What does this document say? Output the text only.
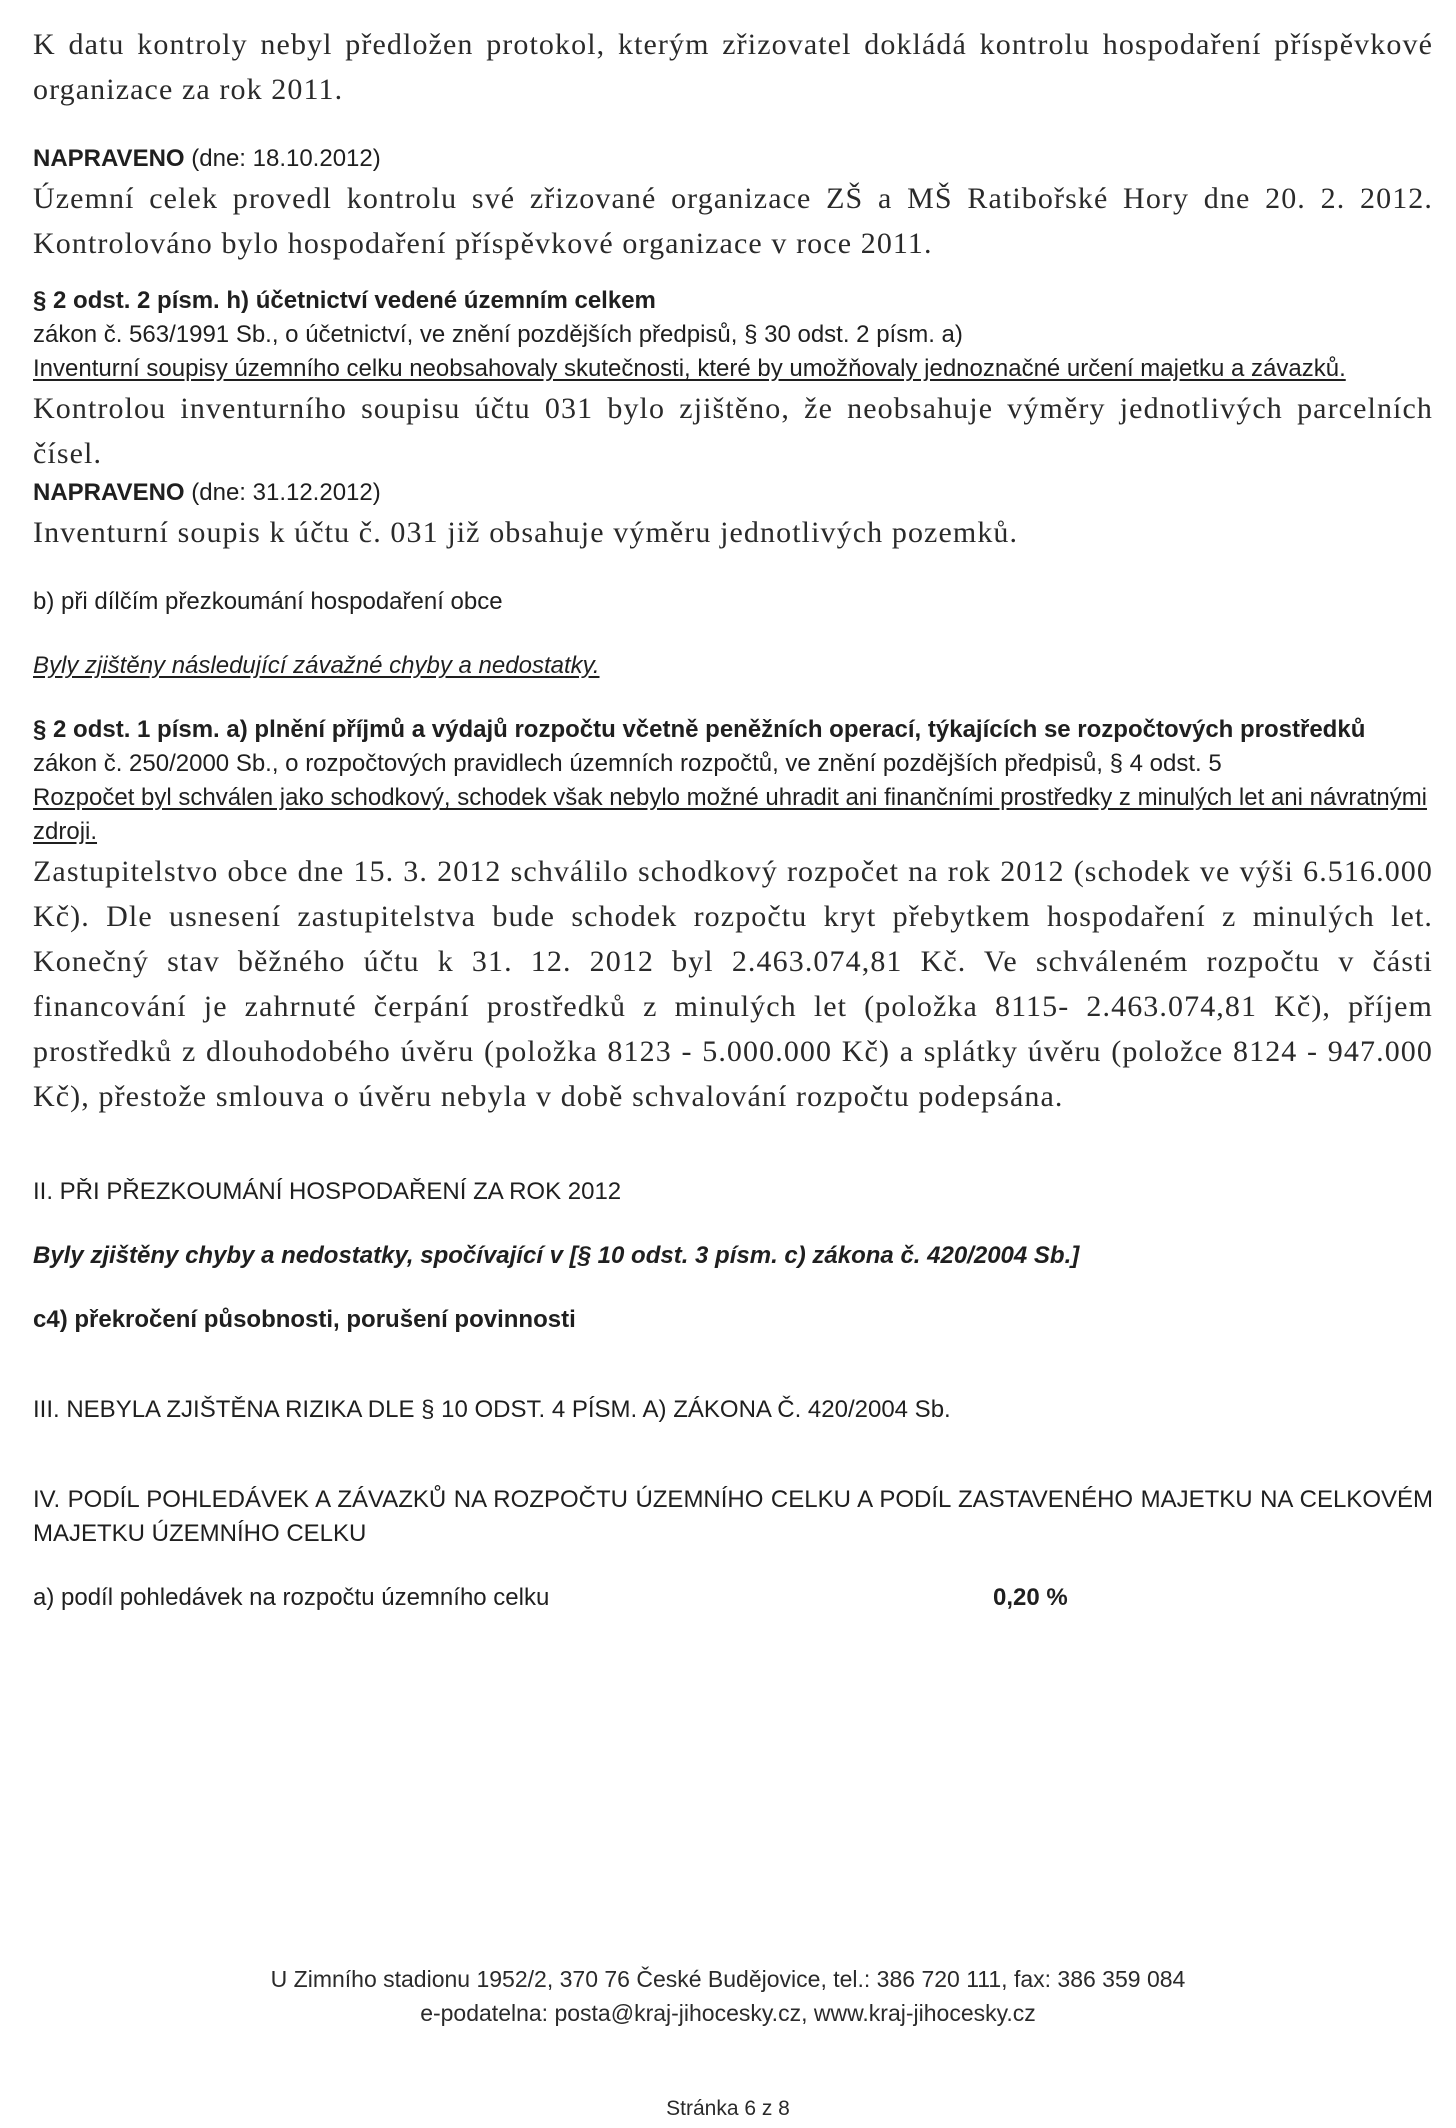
K datu kontroly nebyl předložen protokol, kterým zřizovatel dokládá kontrolu hospodaření příspěvkové organizace za rok 2011.

NAPRAVENO (dne: 18.10.2012)

Územní celek provedl kontrolu své zřizované organizace ZŠ a MŠ Ratibořské Hory dne 20. 2. 2012. Kontrolováno bylo hospodaření příspěvkové organizace v roce 2011.

§ 2 odst. 2 písm. h) účetnictví vedené územním celkem

zákon č. 563/1991 Sb., o účetnictví, ve znění pozdějších předpisů, § 30 odst. 2 písm. a)

Inventurní soupisy územního celku neobsahovaly skutečnosti, které by umožňovaly jednoznačné určení majetku a závazků.

Kontrolou inventurního soupisu účtu 031 bylo zjištěno, že neobsahuje výměry jednotlivých parcelních čísel.

NAPRAVENO (dne: 31.12.2012)

Inventurní soupis k účtu č. 031 již obsahuje výměru jednotlivých pozemků.

b) při dílčím přezkoumání hospodaření obce

Byly zjištěny následující závažné chyby a nedostatky.

§ 2 odst. 1 písm. a) plnění příjmů a výdajů rozpočtu včetně peněžních operací, týkajících se rozpočtových prostředků

zákon č. 250/2000 Sb., o rozpočtových pravidlech územních rozpočtů, ve znění pozdějších předpisů, § 4 odst. 5

Rozpočet byl schválen jako schodkový, schodek však nebylo možné uhradit ani finančními prostředky z minulých let ani návratnými zdroji.

Zastupitelstvo obce dne 15. 3. 2012 schválilo schodkový rozpočet na rok 2012 (schodek ve výši 6.516.000 Kč). Dle usnesení zastupitelstva bude schodek rozpočtu kryt přebytkem hospodaření z minulých let. Konečný stav běžného účtu k 31. 12. 2012 byl 2.463.074,81 Kč. Ve schváleném rozpočtu v části financování je zahrnuté čerpání prostředků z minulých let (položka 8115- 2.463.074,81 Kč), příjem prostředků z dlouhodobého úvěru (položka 8123 - 5.000.000 Kč) a splátky úvěru (položce 8124 - 947.000 Kč), přestože smlouva o úvěru nebyla v době schvalování rozpočtu podepsána.

II. PŘI PŘEZKOUMÁNÍ HOSPODAŘENÍ ZA ROK 2012

Byly zjištěny chyby a nedostatky, spočívající v [§ 10 odst. 3 písm. c) zákona č. 420/2004 Sb.]

c4) překročení působnosti, porušení povinnosti

III. NEBYLA ZJIŠTĚNA RIZIKA DLE § 10 ODST. 4 PÍSM. A) ZÁKONA Č. 420/2004 Sb.

IV. PODÍL POHLEDÁVEK A ZÁVAZKŮ NA ROZPOČTU ÚZEMNÍHO CELKU A PODÍL ZASTAVENÉHO MAJETKU NA CELKOVÉM MAJETKU ÚZEMNÍHO CELKU

a) podíl pohledávek na rozpočtu územního celku	0,20 %
U Zimního stadionu 1952/2, 370 76 České Budějovice, tel.: 386 720 111, fax: 386 359 084
e-podatelna: posta@kraj-jihocesky.cz, www.kraj-jihocesky.cz
Stránka 6 z 8
